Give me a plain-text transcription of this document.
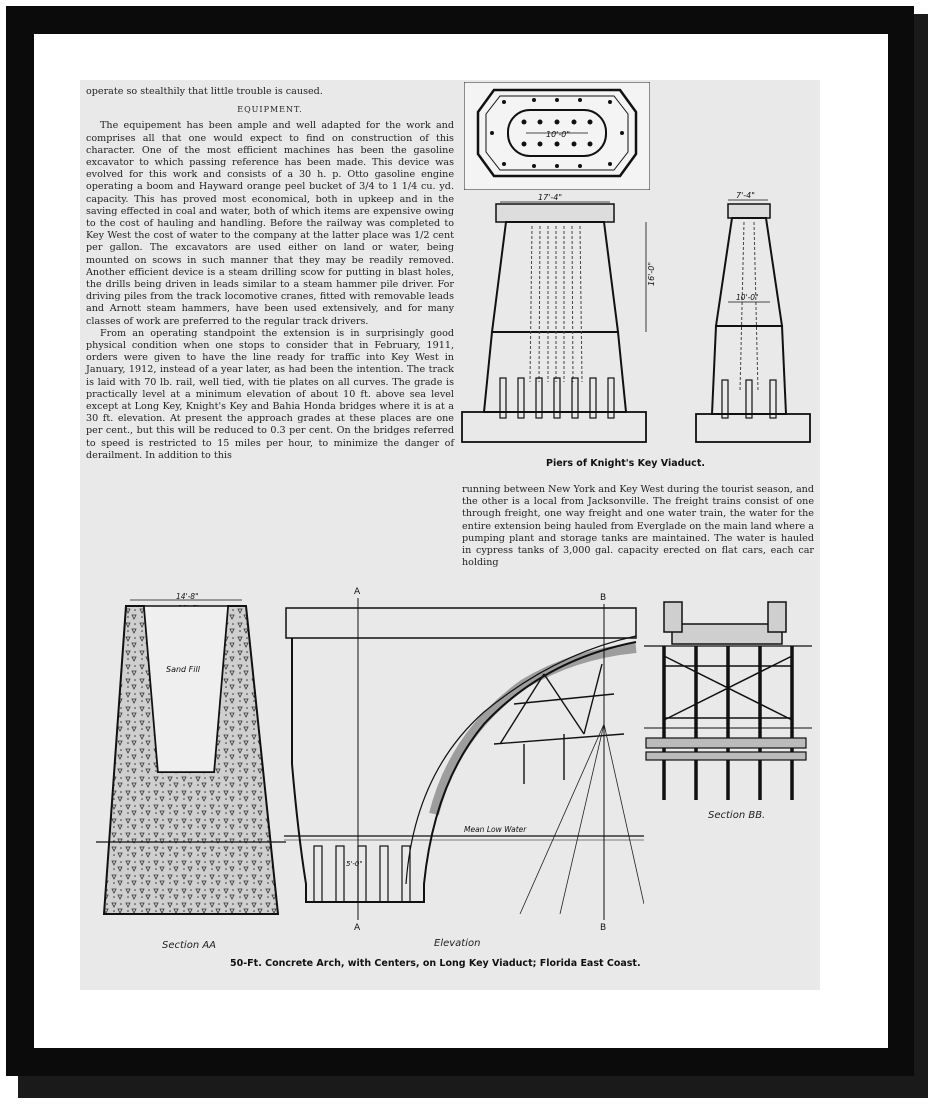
operate so stealthily that little trouble is caused.

EQUIPMENT.

The equipement has been ample and well adapted for the work and comprises all that one would expect to find on construction of this character. One of the most efficient machines has been the gasoline excavator to which passing reference has been made. This device was evolved for this work and consists of a 30 h. p. Otto gasoline engine operating a boom and Hayward orange peel bucket of 3/4 to 1 1/4 cu. yd. capacity. This has proved most economical, both in upkeep and in the saving effected in coal and water, both of which items are expensive owing to the cost of hauling and handling. Before the railway was completed to Key West the cost of water to the company at the latter place was 1/2 cent per gallon. The excavators are used either on land or water, being mounted on scows in such manner that they may be readily removed. Another efficient device is a steam drilling scow for putting in blast holes, the drills being driven in leads similar to a steam hammer pile driver. For driving piles from the track locomotive cranes, fitted with removable leads and Arnott steam hammers, have been used extensively, and for many classes of work are preferred to the regular track drivers.

From an operating standpoint the extension is in surprisingly good physical condition when one stops to consider that in February, 1911, orders were given to have the line ready for traffic into Key West in January, 1912, instead of a year later, as had been the intention. The track is laid with 70 lb. rail, well tied, with tie plates on all curves. The grade is practically level at a minimum elevation of about 10 ft. above sea level except at Long Key, Knight's Key and Bahia Honda bridges where it is at a 30 ft. elevation. At present the approach grades at these places are one per cent., but this will be reduced to 0.3 per cent. On the bridges referred to speed is restricted to 15 miles per hour, to minimize the danger of derailment. In addition to this

running between New York and Key West during the tourist season, and the other is a local from Jacksonville. The freight trains consist of one through freight, one way freight and one water train, the water for the entire extension being hauled from Everglade on the main land where a pumping plant and storage tanks are maintained. The water is hauled in cypress tanks of 3,000 gal. capacity erected on flat cars, each car holding

10'-0"
17'-4"
16'-0"
7'-4"
10'-0"
Piers of Knight's Key Viaduct.
14'-8"
Sand Fill
Section AA
A
B
Mean Low Water
5'-0"
A	B
Elevation
Section BB.
50-Ft. Concrete Arch, with Centers, on Long Key Viaduct; Florida East Coast.
